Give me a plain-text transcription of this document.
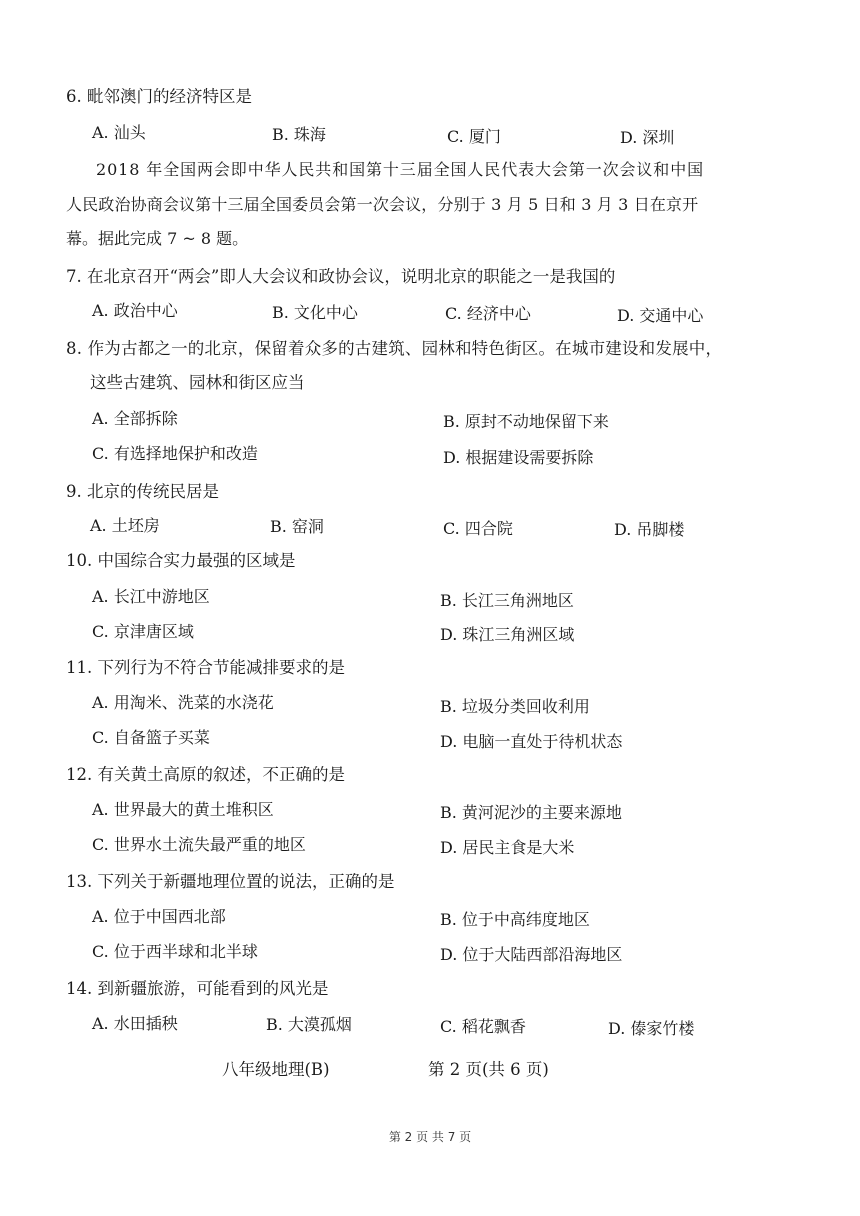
6. 毗邻澳门的经济特区是
A. 汕头	B. 珠海	C. 厦门	D. 深圳
2018 年全国两会即中华人民共和国第十三届全国人民代表大会第一次会议和中国
人民政治协商会议第十三届全国委员会第一次会议，分别于 3 月 5 日和 3 月 3 日在京开
幕。据此完成 7 ~ 8 题。
7. 在北京召开“两会”即人大会议和政协会议，说明北京的职能之一是我国的
A. 政治中心	B. 文化中心	C. 经济中心	D. 交通中心
8. 作为古都之一的北京，保留着众多的古建筑、园林和特色街区。在城市建设和发展中，
这些古建筑、园林和街区应当
A. 全部拆除	B. 原封不动地保留下来
C. 有选择地保护和改造	D. 根据建设需要拆除
9. 北京的传统民居是
A. 土坯房	B. 窑洞	C. 四合院	D. 吊脚楼
10. 中国综合实力最强的区域是
A. 长江中游地区	B. 长江三角洲地区
C. 京津唐区域	D. 珠江三角洲区域
11. 下列行为不符合节能减排要求的是
A. 用淘米、洗菜的水浇花	B. 垃圾分类回收利用
C. 自备篮子买菜	D. 电脑一直处于待机状态
12. 有关黄土高原的叙述，不正确的是
A. 世界最大的黄土堆积区	B. 黄河泥沙的主要来源地
C. 世界水土流失最严重的地区	D. 居民主食是大米
13. 下列关于新疆地理位置的说法，正确的是
A. 位于中国西北部	B. 位于中高纬度地区
C. 位于西半球和北半球	D. 位于大陆西部沿海地区
14. 到新疆旅游，可能看到的风光是
A. 水田插秧	B. 大漠孤烟	C. 稻花飘香	D. 傣家竹楼
八年级地理(B)	第 2 页(共 6 页)
第 2 页 共 7 页
